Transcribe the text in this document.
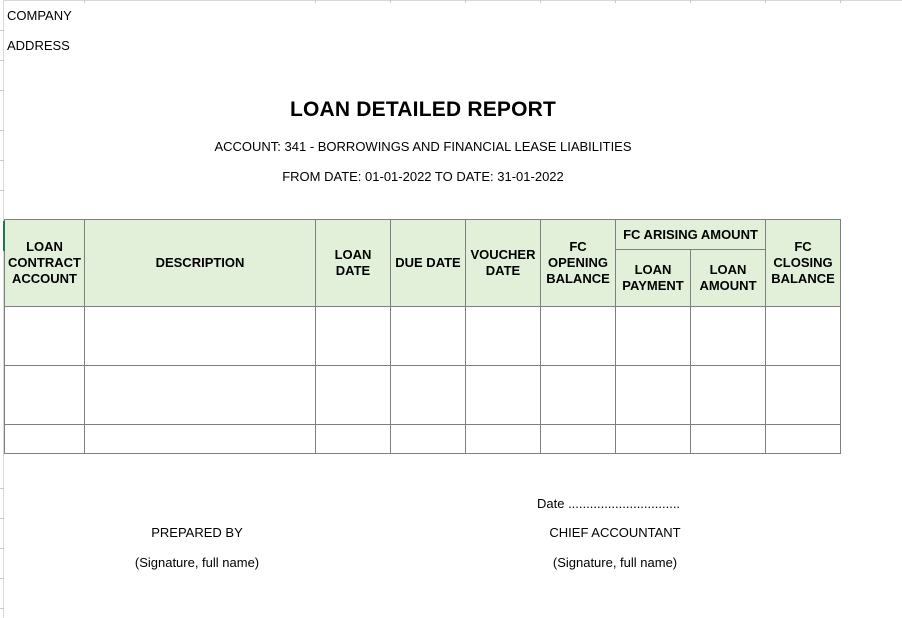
COMPANY
ADDRESS
LOAN DETAILED REPORT
ACCOUNT: 341 - BORROWINGS AND FINANCIAL LEASE LIABILITIES
FROM DATE: 01-01-2022 TO DATE: 31-01-2022
LOAN CONTRACT ACCOUNT	DESCRIPTION	LOAN DATE	DUE DATE	VOUCHER DATE	FC OPENING BALANCE	FC ARISING AMOUNT		FC CLOSING BALANCE
						LOAN PAYMENT	LOAN AMOUNT	

Date ...............................
PREPARED BY
(Signature, full name)
CHIEF ACCOUNTANT
(Signature, full name)
